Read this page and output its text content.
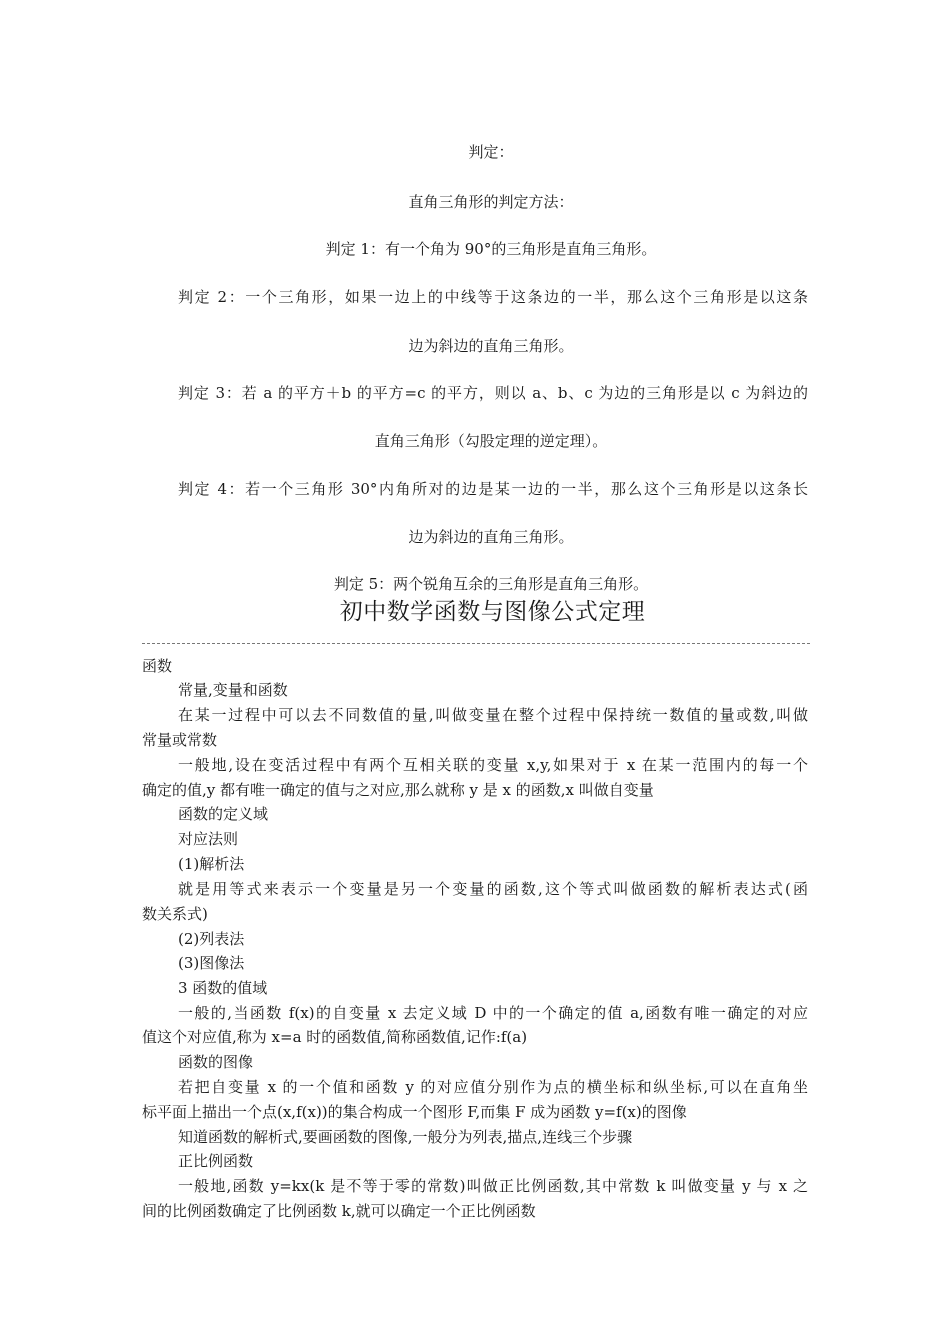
判定：
直角三角形的判定方法：
判定 1：有一个角为 90°的三角形是直角三角形。
判定 2：一个三角形，如果一边上的中线等于这条边的一半，那么这个三角形是以这条
边为斜边的直角三角形。
判定 3：若 a 的平方＋b 的平方=c 的平方，则以 a、b、c 为边的三角形是以 c 为斜边的
直角三角形（勾股定理的逆定理）。
判定 4：若一个三角形 30°内角所对的边是某一边的一半，那么这个三角形是以这条长
边为斜边的直角三角形。
判定 5：两个锐角互余的三角形是直角三角形。
初中数学函数与图像公式定理
函数
常量,变量和函数
在某一过程中可以去不同数值的量,叫做变量在整个过程中保持统一数值的量或数,叫做
常量或常数
一般地,设在变活过程中有两个互相关联的变量 x,y,如果对于 x 在某一范围内的每一个
确定的值,y 都有唯一确定的值与之对应,那么就称 y 是 x 的函数,x 叫做自变量
函数的定义域
对应法则
(1)解析法
就是用等式来表示一个变量是另一个变量的函数,这个等式叫做函数的解析表达式(函
数关系式)
(2)列表法
(3)图像法
3 函数的值域
一般的,当函数 f(x)的自变量 x 去定义域 D 中的一个确定的值 a,函数有唯一确定的对应
值这个对应值,称为 x=a 时的函数值,简称函数值,记作:f(a)
函数的图像
若把自变量 x 的一个值和函数 y 的对应值分别作为点的横坐标和纵坐标,可以在直角坐
标平面上描出一个点(x,f(x))的集合构成一个图形 F,而集 F 成为函数 y=f(x)的图像
知道函数的解析式,要画函数的图像,一般分为列表,描点,连线三个步骤
正比例函数
一般地,函数 y=kx(k 是不等于零的常数)叫做正比例函数,其中常数 k 叫做变量 y 与 x 之
间的比例函数确定了比例函数 k,就可以确定一个正比例函数
